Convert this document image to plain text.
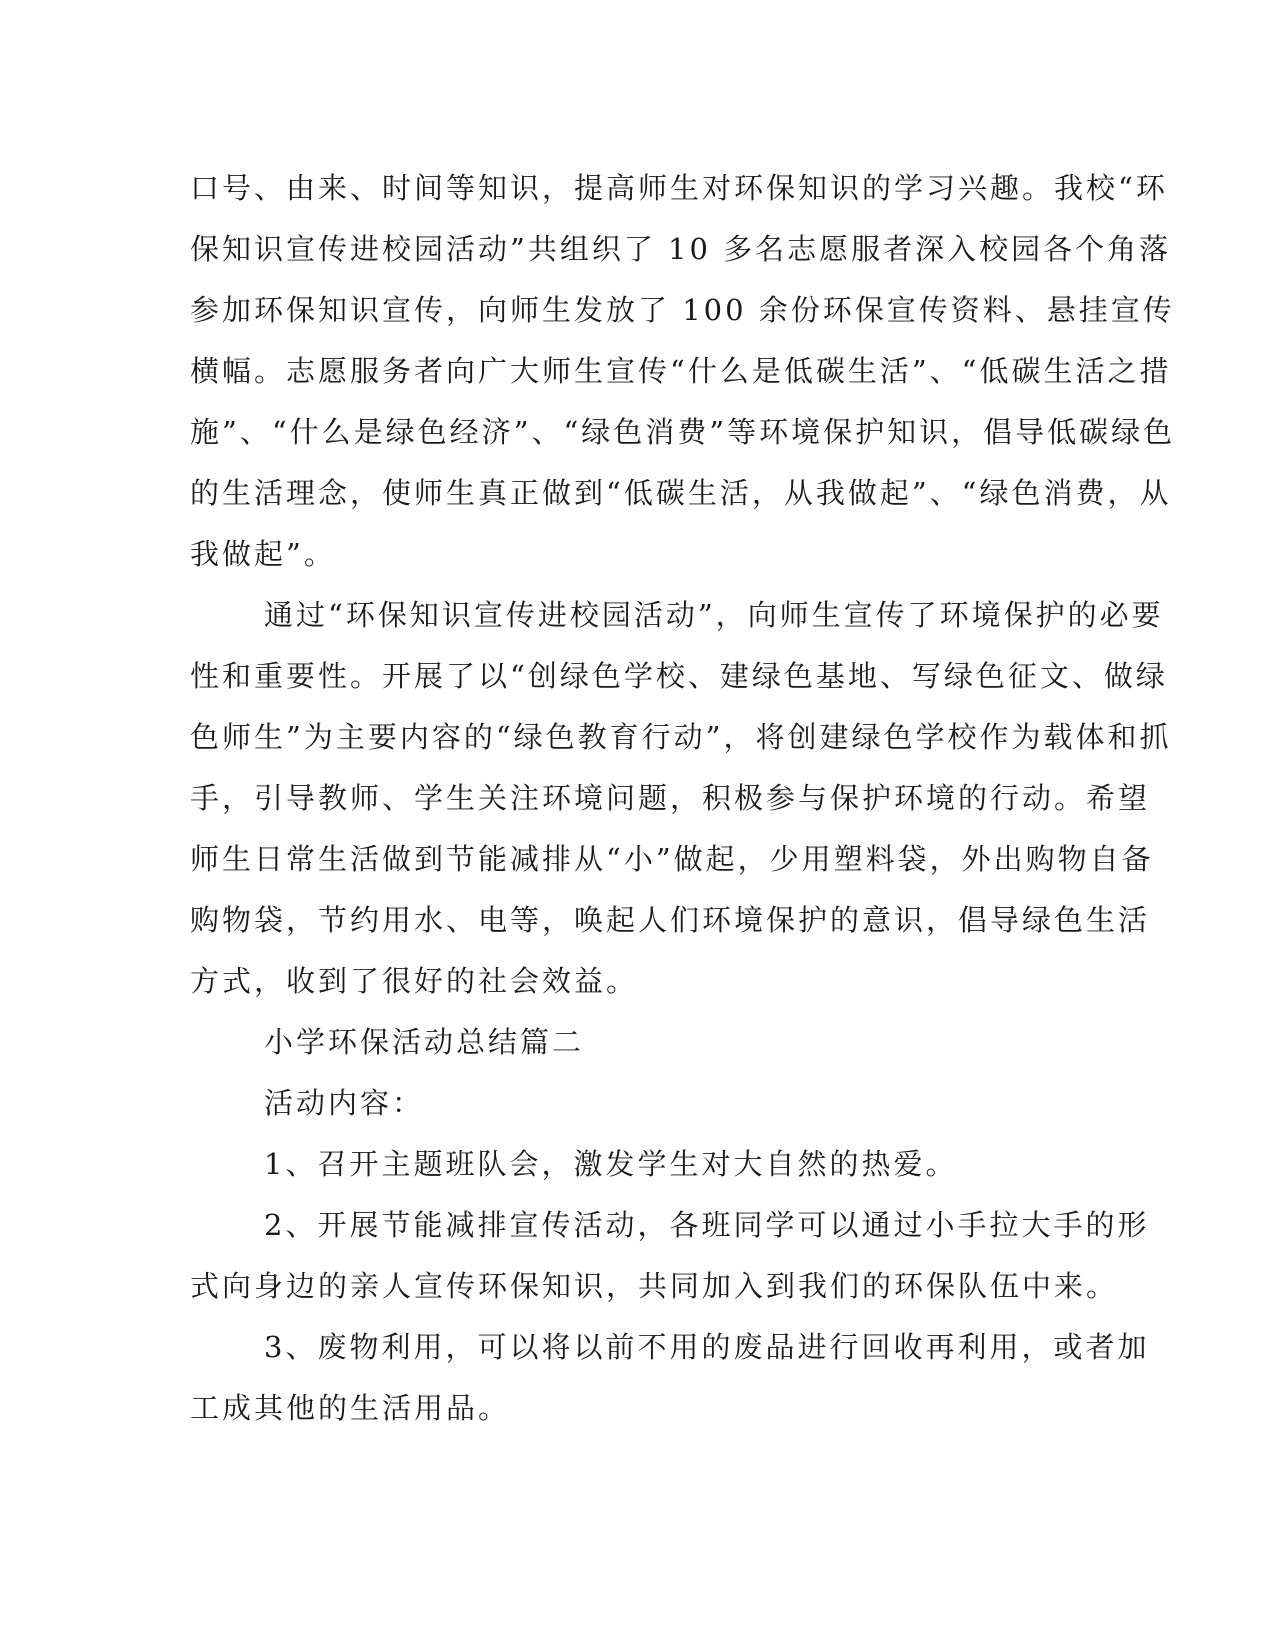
口号、由来、时间等知识，提高师生对环保知识的学习兴趣。我校“环
保知识宣传进校园活动”共组织了 10 多名志愿服者深入校园各个角落
参加环保知识宣传，向师生发放了 100 余份环保宣传资料、悬挂宣传
横幅。志愿服务者向广大师生宣传“什么是低碳生活”、“低碳生活之措
施”、“什么是绿色经济”、“绿色消费”等环境保护知识，倡导低碳绿色
的生活理念，使师生真正做到“低碳生活，从我做起”、“绿色消费，从
我做起”。
通过“环保知识宣传进校园活动”，向师生宣传了环境保护的必要
性和重要性。开展了以“创绿色学校、建绿色基地、写绿色征文、做绿
色师生”为主要内容的“绿色教育行动”，将创建绿色学校作为载体和抓
手，引导教师、学生关注环境问题，积极参与保护环境的行动。希望
师生日常生活做到节能减排从“小”做起，少用塑料袋，外出购物自备
购物袋，节约用水、电等，唤起人们环境保护的意识，倡导绿色生活
方式，收到了很好的社会效益。
小学环保活动总结篇二
活动内容：
1、召开主题班队会，激发学生对大自然的热爱。
2、开展节能减排宣传活动，各班同学可以通过小手拉大手的形
式向身边的亲人宣传环保知识，共同加入到我们的环保队伍中来。
3、废物利用，可以将以前不用的废品进行回收再利用，或者加
工成其他的生活用品。
